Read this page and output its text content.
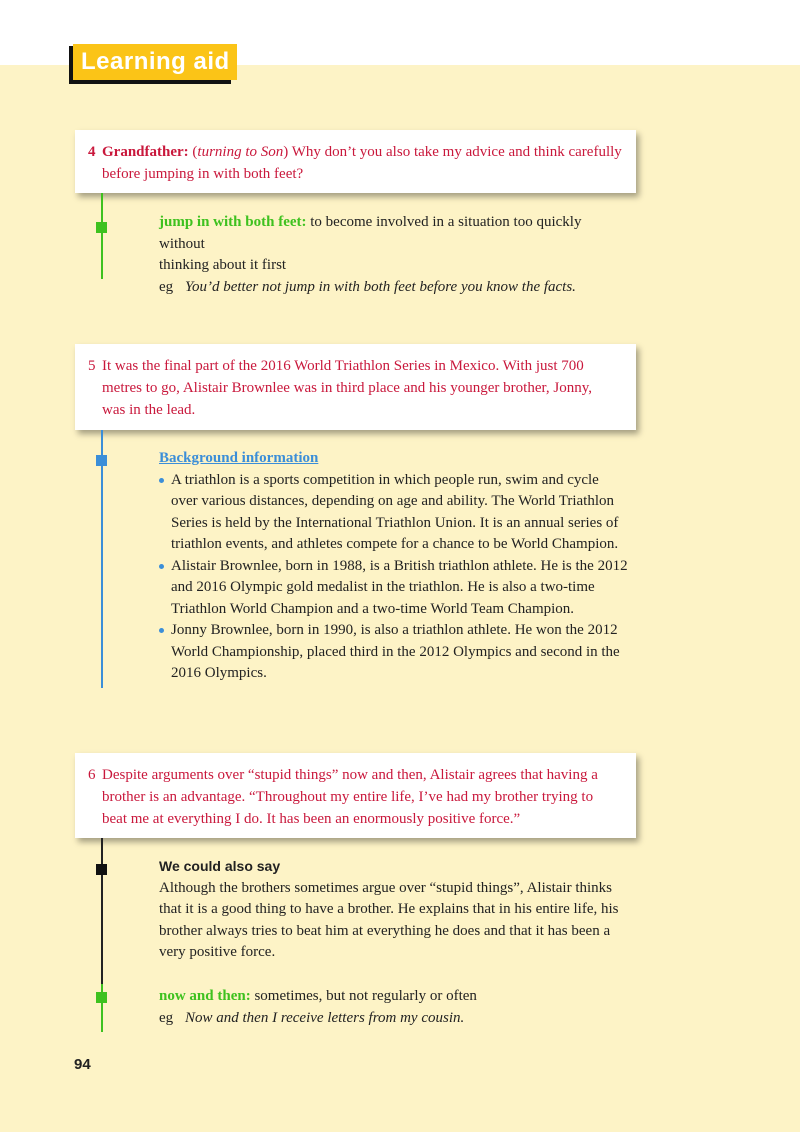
Learning aid
4 Grandfather: (turning to Son) Why don’t you also take my advice and think carefully
before jumping in with both feet?
jump in with both feet: to become involved in a situation too quickly without
thinking about it first
eg You’d better not jump in with both feet before you know the facts.
5 It was the final part of the 2016 World Triathlon Series in Mexico. With just 700
metres to go, Alistair Brownlee was in third place and his younger brother, Jonny,
was in the lead.
Background information
A triathlon is a sports competition in which people run, swim and cycle
over various distances, depending on age and ability. The World Triathlon
Series is held by the International Triathlon Union. It is an annual series of
triathlon events, and athletes compete for a chance to be World Champion.
Alistair Brownlee, born in 1988, is a British triathlon athlete. He is the 2012
and 2016 Olympic gold medalist in the triathlon. He is also a two-time
Triathlon World Champion and a two-time World Team Champion.
Jonny Brownlee, born in 1990, is also a triathlon athlete. He won the 2012
World Championship, placed third in the 2012 Olympics and second in the
2016 Olympics.
6 Despite arguments over “stupid things” now and then, Alistair agrees that having a
brother is an advantage. “Throughout my entire life, I’ve had my brother trying to
beat me at everything I do. It has been an enormously positive force.”
We could also say
Although the brothers sometimes argue over “stupid things”, Alistair thinks
that it is a good thing to have a brother. He explains that in his entire life, his
brother always tries to beat him at everything he does and that it has been a
very positive force.
now and then: sometimes, but not regularly or often
eg Now and then I receive letters from my cousin.
94
